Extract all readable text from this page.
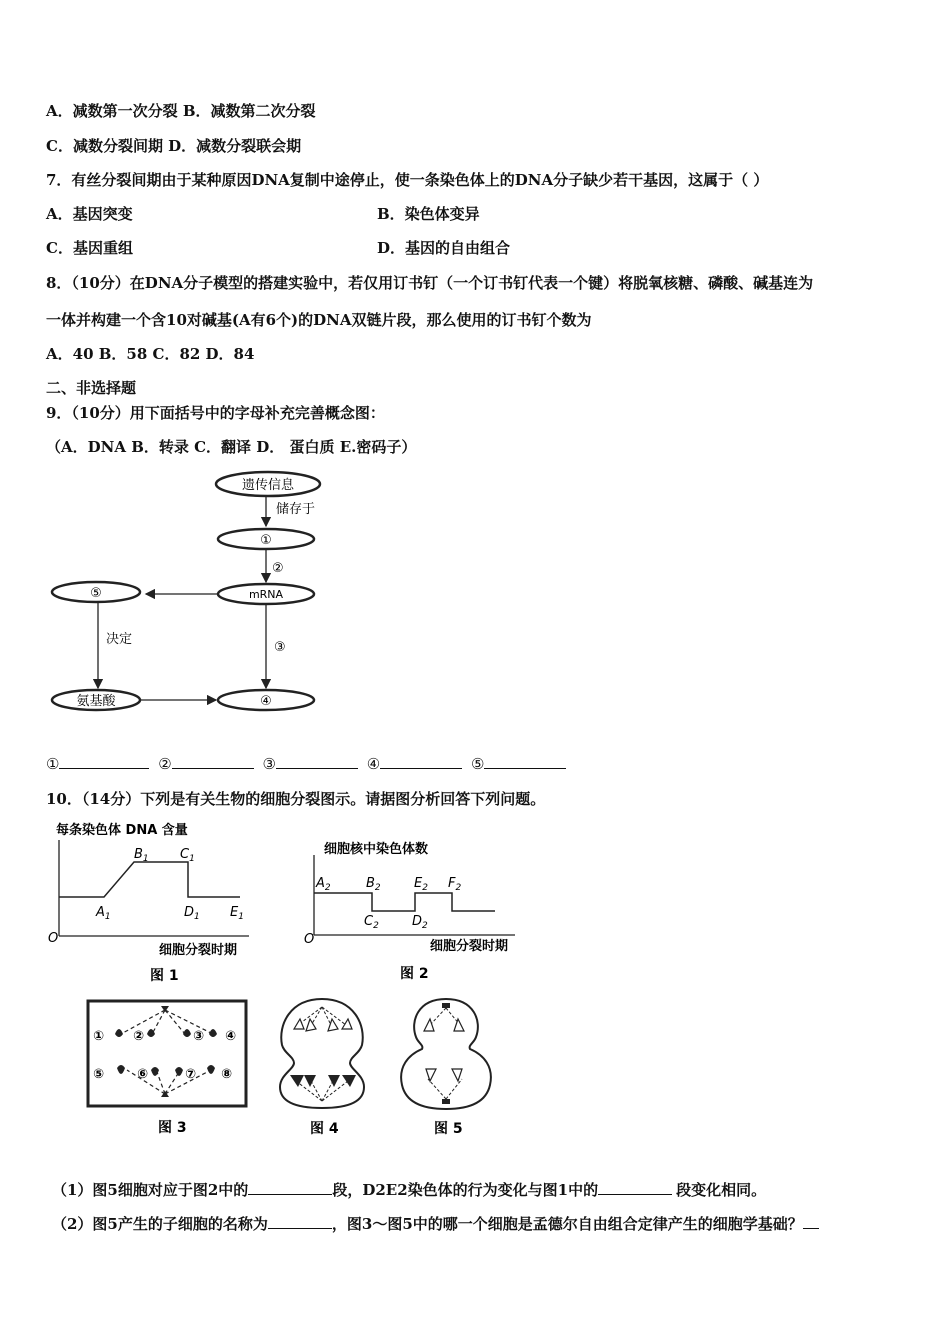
A．减数第一次分裂 B．减数第二次分裂
C．减数分裂间期 D．减数分裂联会期
7．有丝分裂间期由于某种原因DNA复制中途停止，使一条染色体上的DNA分子缺少若干基因，这属于（ ）
A．基因突变	B．染色体变异
C．基因重组	D．基因的自由组合
8．（10分）在DNA分子模型的搭建实验中，若仅用订书钉（一个订书钉代表一个键）将脱氧核糖、磷酸、碱基连为
一体并构建一个含10对碱基(A有6个)的DNA双链片段，那么使用的订书钉个数为
A．40 B．58 C．82 D．84
二、非选择题
9．（10分）用下面括号中的字母补充完善概念图：
（A．DNA B．转录 C．翻译 D． 蛋白质 E.密码子）
遗传信息
储存于
①
②
mRNA
⑤
决定
③
氨基酸	④
①	②	③	④	⑤
10．（14分）下列是有关生物的细胞分裂图示。请据图分析回答下列问题。
每条染色体 DNA 含量
O
$A_1$
$B_1$ $C_1$
$D_1$ $E_1$
细胞分裂时期
图 1
细胞核中染色体数
O
$A_2$	$B_2$
$C_2$	$D_2$
$E_2$ $F_2$
细胞分裂时期
图 2
① ②	③ ④
⑤	⑥	⑦ ⑧
图 3	图 4	图 5
（1）图5细胞对应于图2中的	段，D2E2染色体的行为变化与图1中的	段变化相同。
（2）图5产生的子细胞的名称为	，图3～图5中的哪一个细胞是孟德尔自由组合定律产生的细胞学基础？
